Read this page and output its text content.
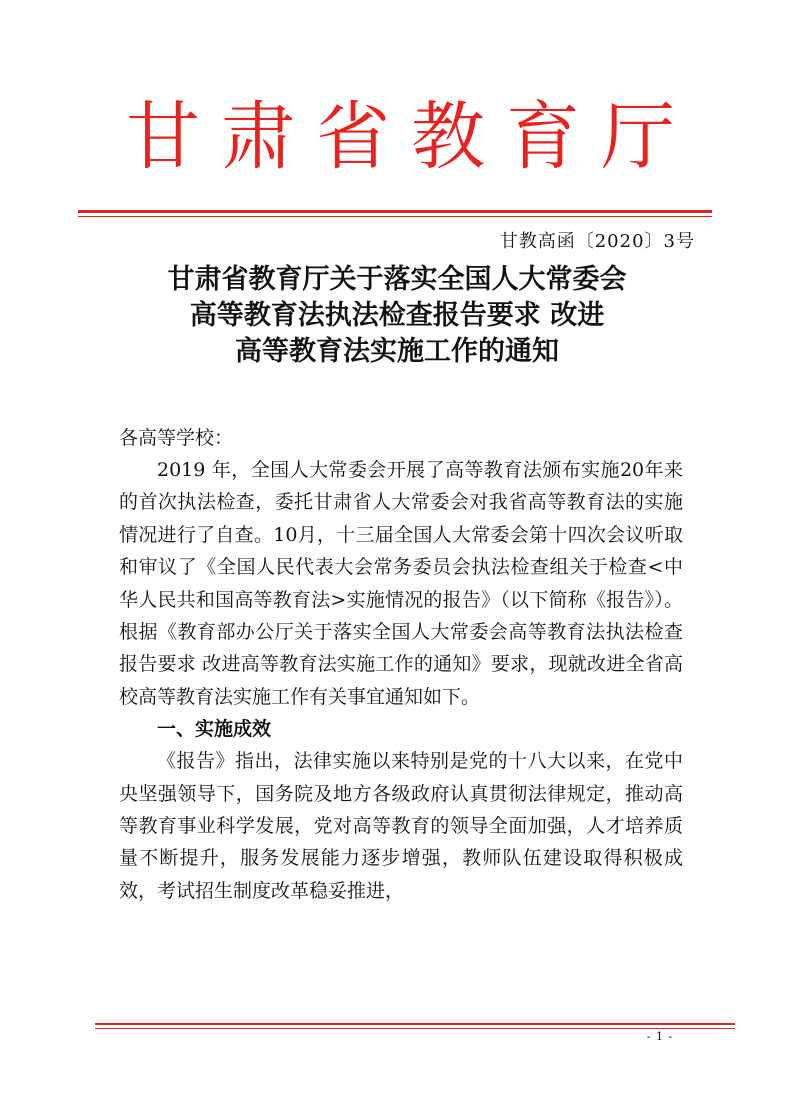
甘肃省教育厅
甘教高函〔2020〕3号
甘肃省教育厅关于落实全国人大常委会
高等教育法执法检查报告要求 改进
高等教育法实施工作的通知
各高等学校：

2019 年，全国人大常委会开展了高等教育法颁布实施20年来的首次执法检查，委托甘肃省人大常委会对我省高等教育法的实施情况进行了自查。10月，十三届全国人大常委会第十四次会议听取和审议了《全国人民代表大会常务委员会执法检查组关于检查<中华人民共和国高等教育法>实施情况的报告》（以下简称《报告》）。根据《教育部办公厅关于落实全国人大常委会高等教育法执法检查报告要求 改进高等教育法实施工作的通知》要求，现就改进全省高校高等教育法实施工作有关事宜通知如下。

一、实施成效

《报告》指出，法律实施以来特别是党的十八大以来，在党中央坚强领导下，国务院及地方各级政府认真贯彻法律规定，推动高等教育事业科学发展，党对高等教育的领导全面加强，人才培养质量不断提升，服务发展能力逐步增强，教师队伍建设取得积极成效，考试招生制度改革稳妥推进，

- 1 -
